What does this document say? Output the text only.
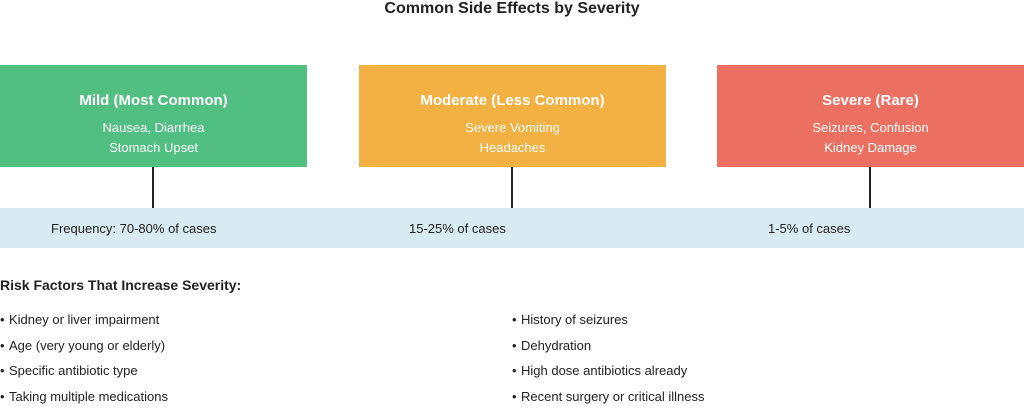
Common Side Effects by Severity
Mild (Most Common)
Nausea, Diarrhea
Stomach Upset
Moderate (Less Common)
Severe Vomiting
Headaches
Severe (Rare)
Seizures, Confusion
Kidney Damage
Frequency: 70-80% of cases	15-25% of cases	1-5% of cases
Risk Factors That Increase Severity:
• Kidney or liver impairment
• Age (very young or elderly)
• Specific antibiotic type
• Taking multiple medications
• History of seizures
• Dehydration
• High dose antibiotics already
• Recent surgery or critical illness
